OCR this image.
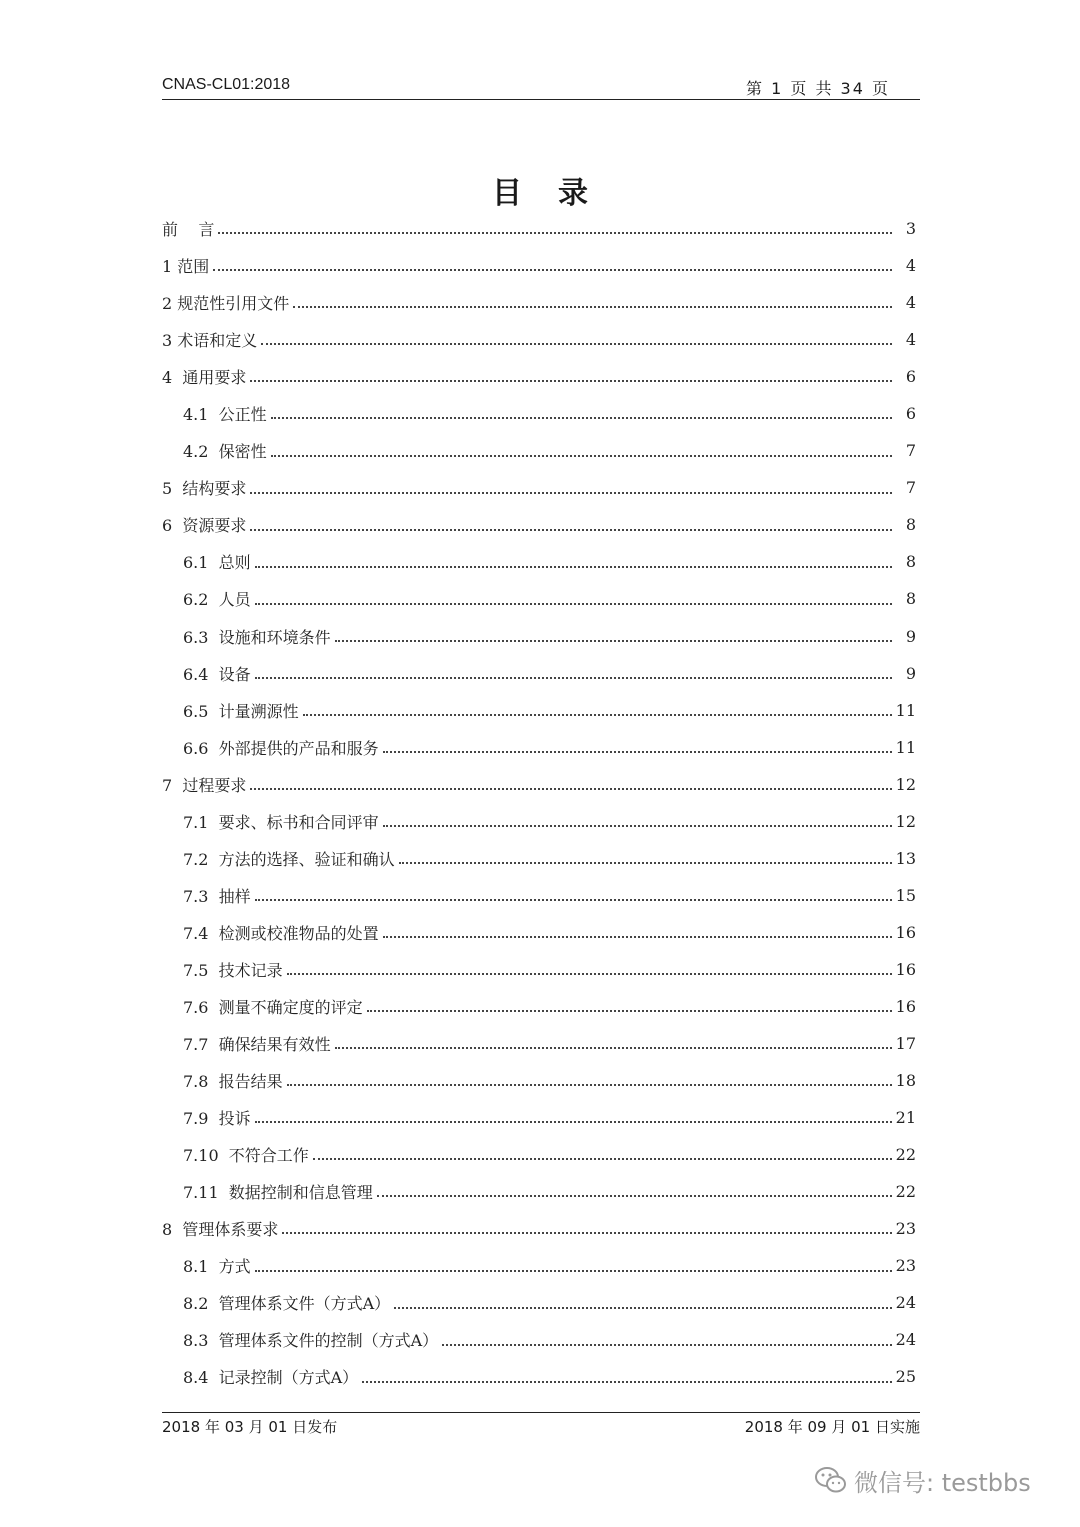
CNAS-CL01:2018	第 1 页 共 34 页
目录
前    言	3
1 范围	4
2 规范性引用文件	4
3 术语和定义	4
4  通用要求	6
4.1  公正性	6
4.2  保密性	7
5  结构要求	7
6  资源要求	8
6.1  总则	8
6.2  人员	8
6.3  设施和环境条件	9
6.4  设备	9
6.5  计量溯源性	11
6.6  外部提供的产品和服务	11
7  过程要求	12
7.1  要求、标书和合同评审	12
7.2  方法的选择、验证和确认	13
7.3  抽样	15
7.4  检测或校准物品的处置	16
7.5  技术记录	16
7.6  测量不确定度的评定	16
7.7  确保结果有效性	17
7.8  报告结果	18
7.9  投诉	21
7.10  不符合工作	22
7.11  数据控制和信息管理	22
8  管理体系要求	23
8.1  方式	23
8.2  管理体系文件（方式A）	24
8.3  管理体系文件的控制（方式A）	24
8.4  记录控制（方式A）	25
2018 年 03 月 01 日发布	2018 年 09 月 01 日实施
微信号: testbbs
